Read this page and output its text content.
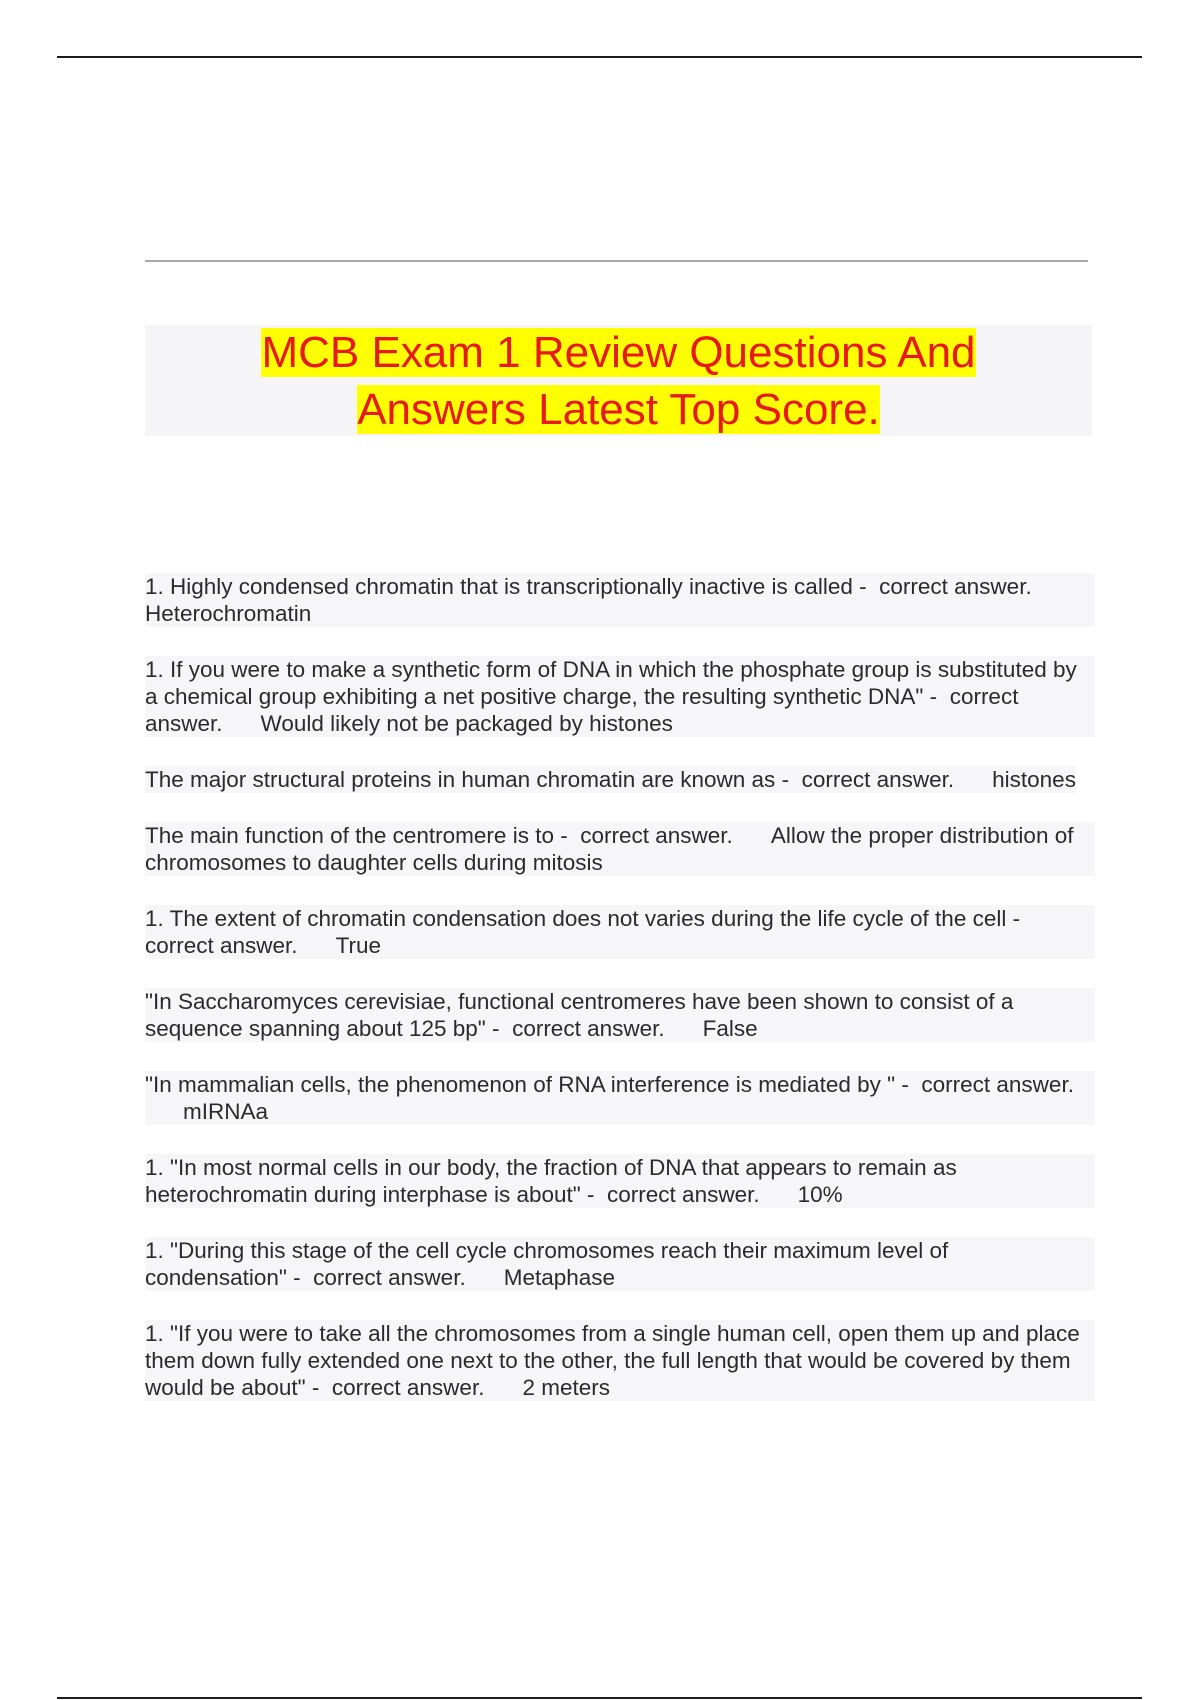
MCB Exam 1 Review Questions And
Answers Latest Top Score.
1. Highly condensed chromatin that is transcriptionally inactive is called - correct answer.Heterochromatin
1. If you were to make a synthetic form of DNA in which the phosphate group is substituted by a chemical group exhibiting a net positive charge, the resulting synthetic DNA" - correct answer. Would likely not be packaged by histones
The major structural proteins in human chromatin are known as - correct answer. histones
The main function of the centromere is to - correct answer. Allow the proper distribution of chromosomes to daughter cells during mitosis
1. The extent of chromatin condensation does not varies during the life cycle of the cell -  correct answer. True
"In Saccharomyces cerevisiae, functional centromeres have been shown to consist of a sequence spanning about 125 bp" - correct answer. False
"In mammalian cells, the phenomenon of RNA interference is mediated by " - correct answer.mIRNAa
1. "In most normal cells in our body, the fraction of DNA that appears to remain as heterochromatin during interphase is about" - correct answer. 10%
1. "During this stage of the cell cycle chromosomes reach their maximum level of condensation" - correct answer. Metaphase
1. "If you were to take all the chromosomes from a single human cell, open them up and place them down fully extended one next to the other, the full length that would be covered by them would be about" - correct answer. 2 meters
